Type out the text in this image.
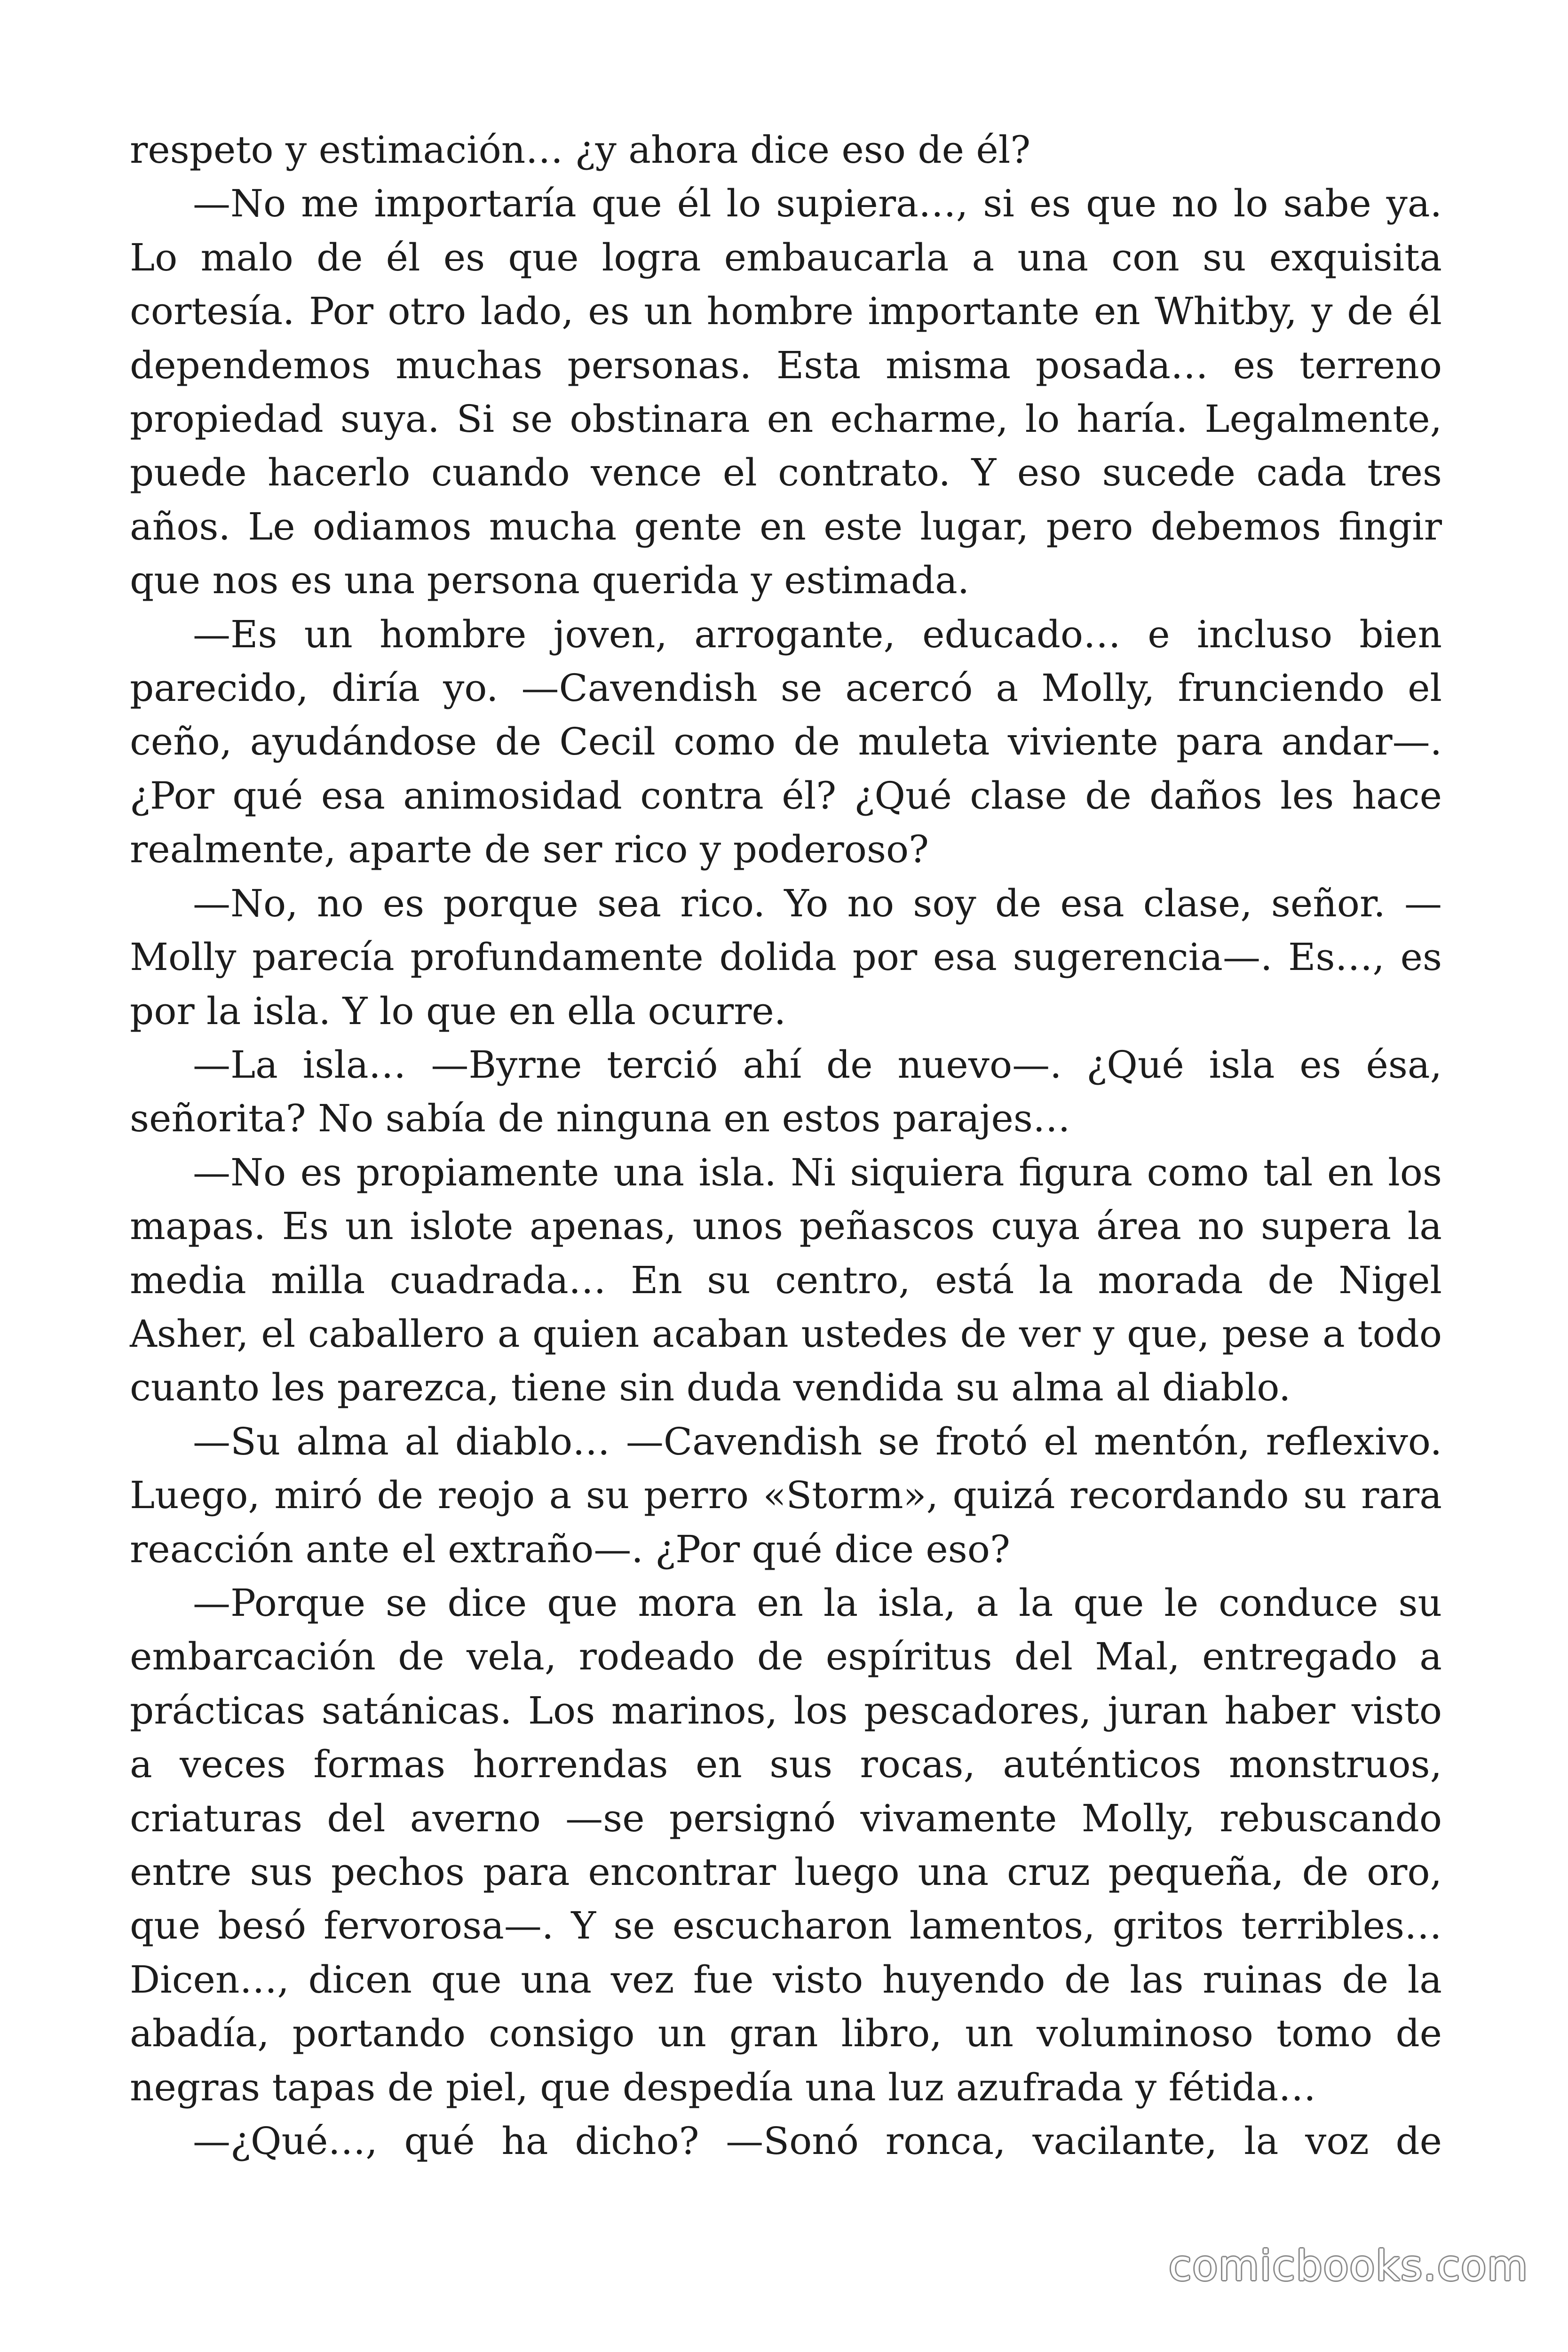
respeto y estimación… ¿y ahora dice eso de él?

—No me importaría que él lo supiera…, si es que no lo sabe ya. Lo malo de él es que logra embaucarla a una con su exquisita cortesía. Por otro lado, es un hombre importante en Whitby, y de él dependemos muchas personas. Esta misma posada… es terreno propiedad suya. Si se obstinara en echarme, lo haría. Legalmente, puede hacerlo cuando vence el contrato. Y eso sucede cada tres años. Le odiamos mucha gente en este lugar, pero debemos fingir que nos es una persona querida y estimada.

—Es un hombre joven, arrogante, educado… e incluso bien parecido, diría yo. —Cavendish se acercó a Molly, frunciendo el ceño, ayudándose de Cecil como de muleta viviente para andar—. ¿Por qué esa animosidad contra él? ¿Qué clase de daños les hace realmente, aparte de ser rico y poderoso?

—No, no es porque sea rico. Yo no soy de esa clase, señor. —Molly parecía profundamente dolida por esa sugerencia—. Es…, es por la isla. Y lo que en ella ocurre.

—La isla… —Byrne terció ahí de nuevo—. ¿Qué isla es ésa, señorita? No sabía de ninguna en estos parajes…

—No es propiamente una isla. Ni siquiera figura como tal en los mapas. Es un islote apenas, unos peñascos cuya área no supera la media milla cuadrada… En su centro, está la morada de Nigel Asher, el caballero a quien acaban ustedes de ver y que, pese a todo cuanto les parezca, tiene sin duda vendida su alma al diablo.

—Su alma al diablo… —Cavendish se frotó el mentón, reflexivo. Luego, miró de reojo a su perro «Storm», quizá recordando su rara reacción ante el extraño—. ¿Por qué dice eso?

—Porque se dice que mora en la isla, a la que le conduce su embarcación de vela, rodeado de espíritus del Mal, entregado a prácticas satánicas. Los marinos, los pescadores, juran haber visto a veces formas horrendas en sus rocas, auténticos monstruos, criaturas del averno —se persignó vivamente Molly, rebuscando entre sus pechos para encontrar luego una cruz pequeña, de oro, que besó fervorosa—. Y se escucharon lamentos, gritos terribles… Dicen…, dicen que una vez fue visto huyendo de las ruinas de la abadía, portando consigo un gran libro, un voluminoso tomo de negras tapas de piel, que despedía una luz azufrada y fétida…

—¿Qué…, qué ha dicho? —Sonó ronca, vacilante, la voz de

comicbooks.com
